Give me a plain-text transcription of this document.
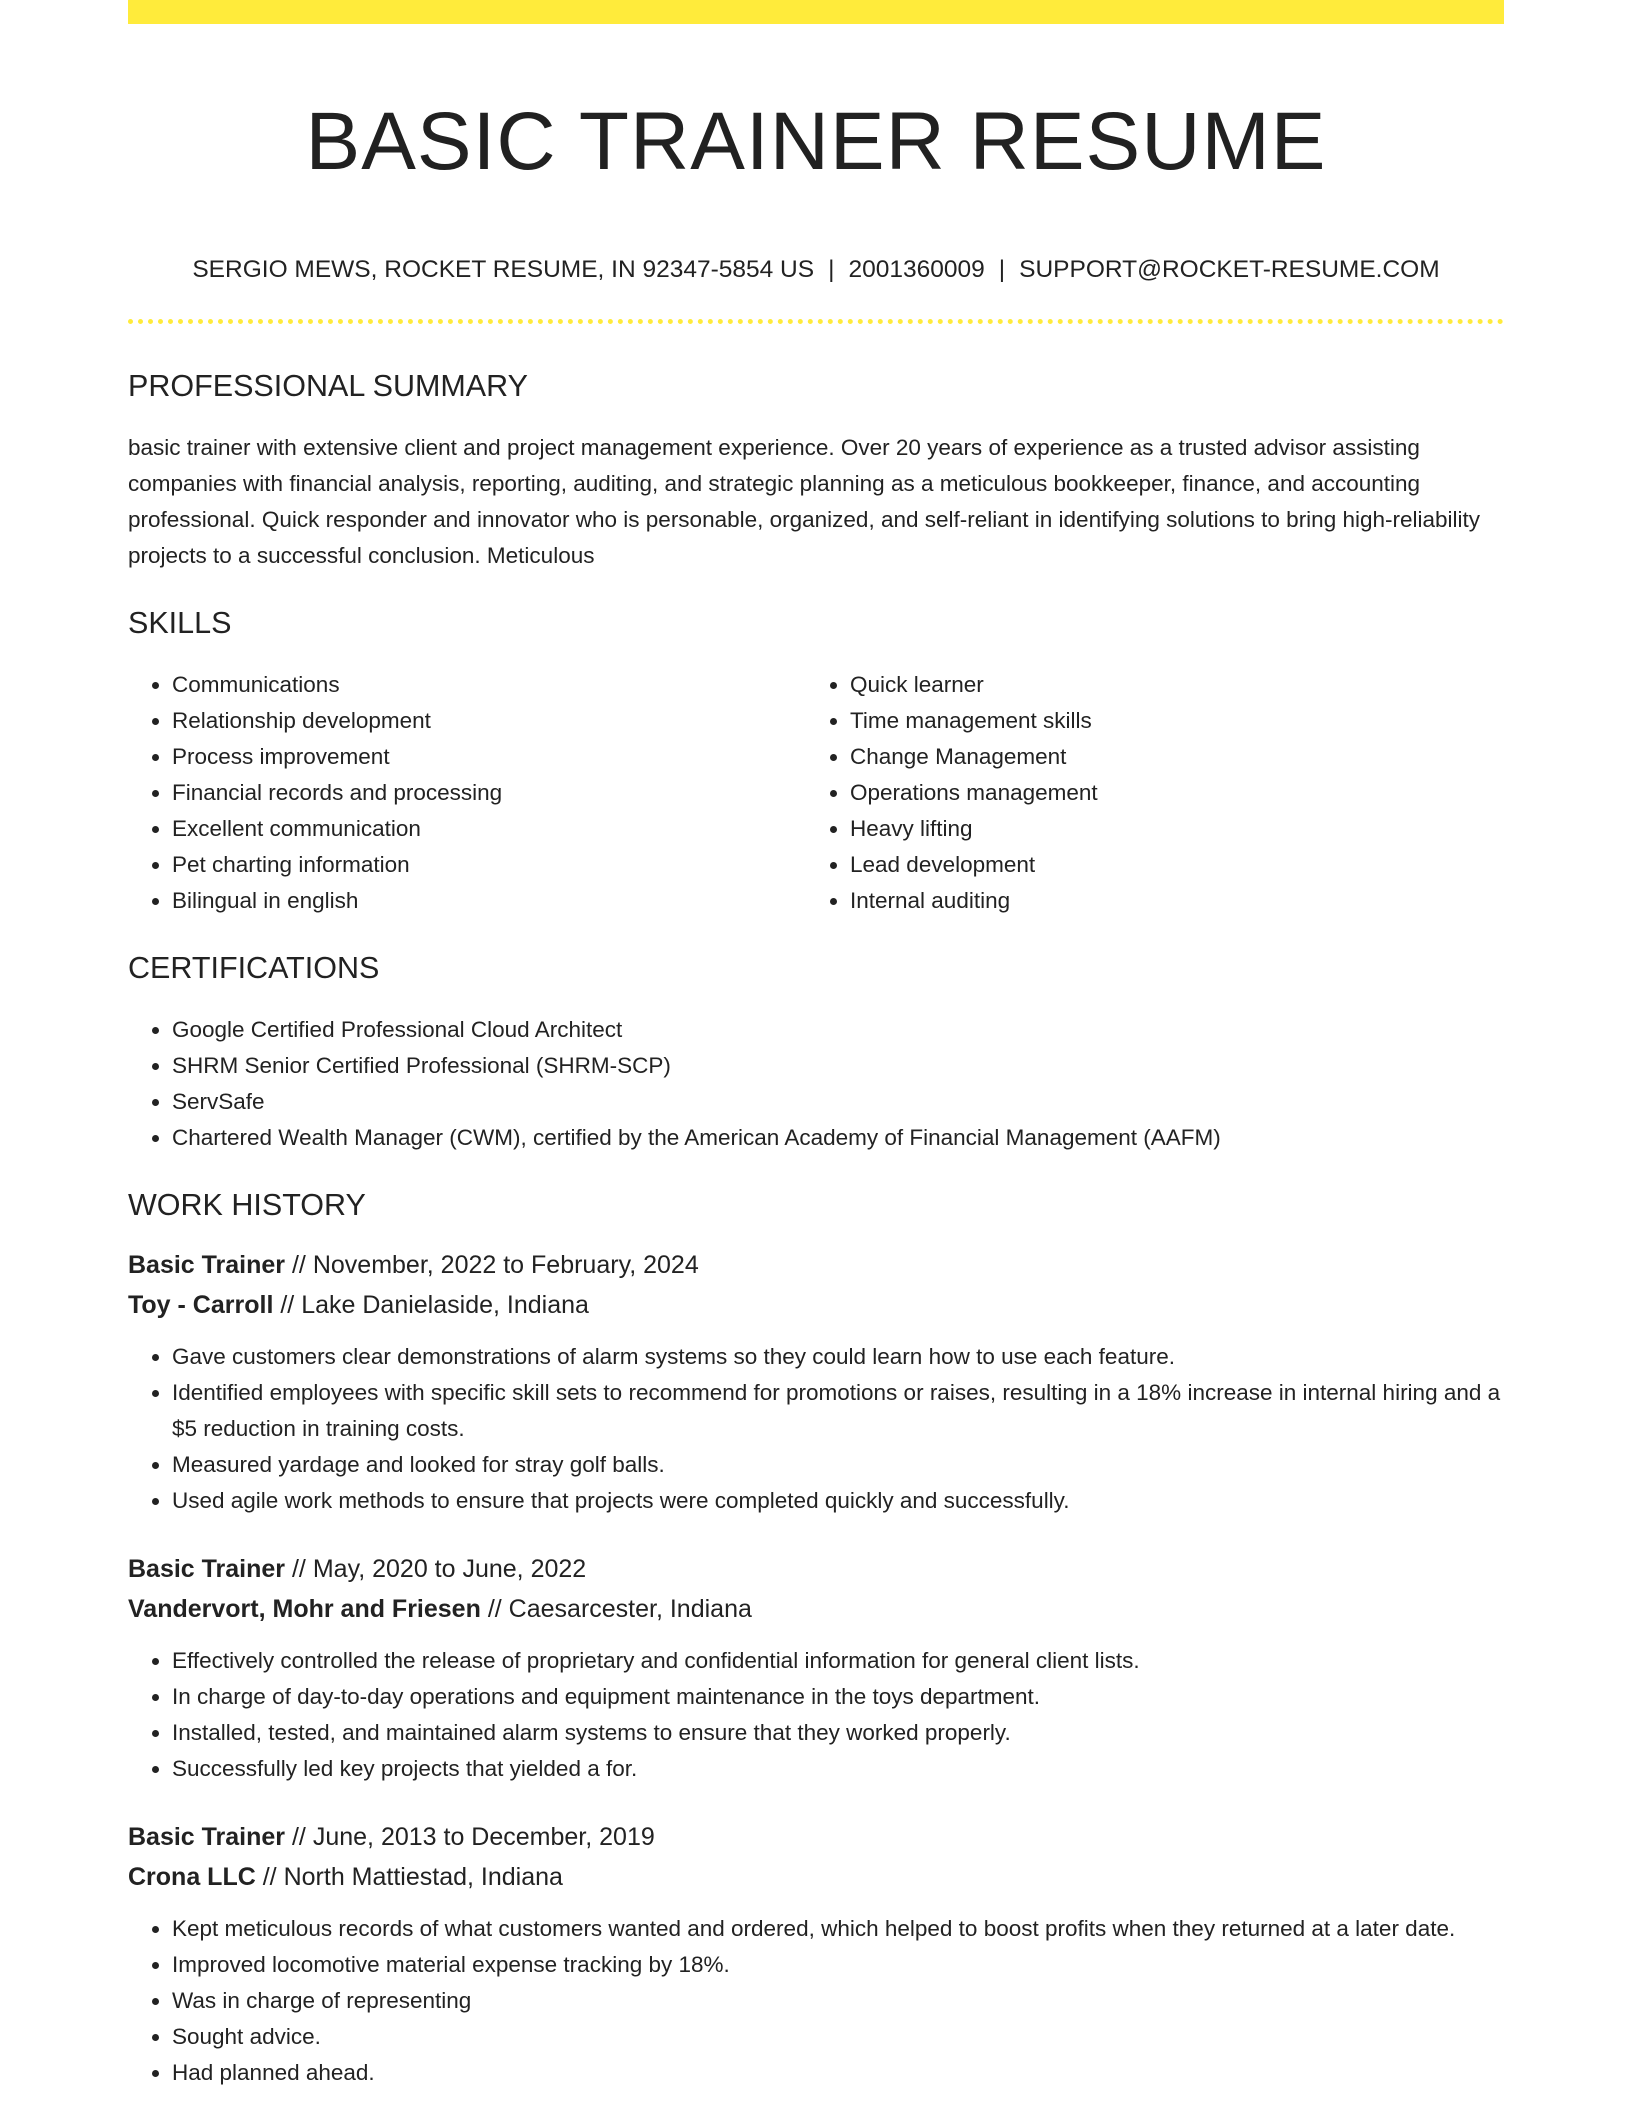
BASIC TRAINER RESUME
SERGIO MEWS, ROCKET RESUME, IN 92347-5854 US | 2001360009 | SUPPORT@ROCKET-RESUME.COM
PROFESSIONAL SUMMARY

basic trainer with extensive client and project management experience. Over 20 years of experience as a trusted advisor assisting companies with financial analysis, reporting, auditing, and strategic planning as a meticulous bookkeeper, finance, and accounting professional. Quick responder and innovator who is personable, organized, and self-reliant in identifying solutions to bring high-reliability projects to a successful conclusion. Meticulous

SKILLS
• Communications
• Relationship development
• Process improvement
• Financial records and processing
• Excellent communication
• Pet charting information
• Bilingual in english
• Quick learner
• Time management skills
• Change Management
• Operations management
• Heavy lifting
• Lead development
• Internal auditing
CERTIFICATIONS
• Google Certified Professional Cloud Architect
• SHRM Senior Certified Professional (SHRM-SCP)
• ServSafe
• Chartered Wealth Manager (CWM), certified by the American Academy of Financial Management (AAFM)
WORK HISTORY
Basic Trainer // November, 2022 to February, 2024
Toy - Carroll // Lake Danielaside, Indiana
• Gave customers clear demonstrations of alarm systems so they could learn how to use each feature.
• Identified employees with specific skill sets to recommend for promotions or raises, resulting in a 18% increase in internal hiring and a $5 reduction in training costs.
• Measured yardage and looked for stray golf balls.
• Used agile work methods to ensure that projects were completed quickly and successfully.
Basic Trainer // May, 2020 to June, 2022
Vandervort, Mohr and Friesen // Caesarcester, Indiana
• Effectively controlled the release of proprietary and confidential information for general client lists.
• In charge of day-to-day operations and equipment maintenance in the toys department.
• Installed, tested, and maintained alarm systems to ensure that they worked properly.
• Successfully led key projects that yielded a for.
Basic Trainer // June, 2013 to December, 2019
Crona LLC // North Mattiestad, Indiana
• Kept meticulous records of what customers wanted and ordered, which helped to boost profits when they returned at a later date.
• Improved locomotive material expense tracking by 18%.
• Was in charge of representing
• Sought advice.
• Had planned ahead.
